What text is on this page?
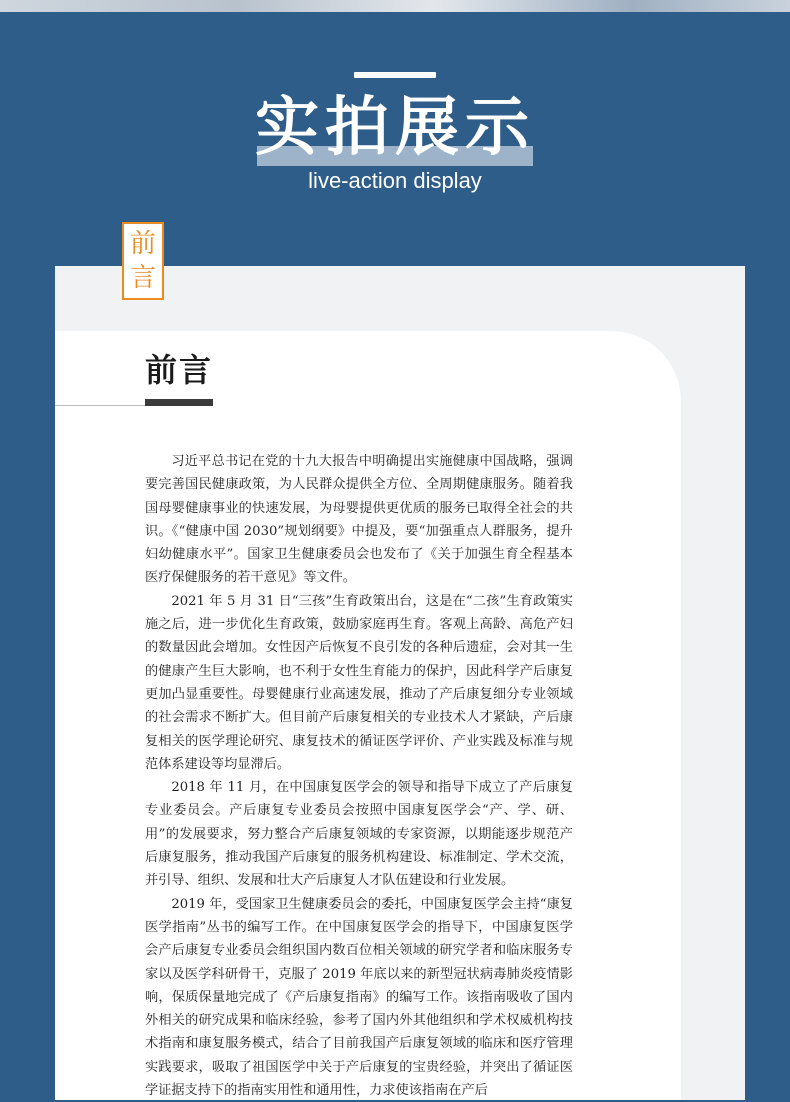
实拍展示
live-action display
前
言
前言

习近平总书记在党的十九大报告中明确提出实施健康中国战略，强调要完善国民健康政策，为人民群众提供全方位、全周期健康服务。随着我国母婴健康事业的快速发展，为母婴提供更优质的服务已取得全社会的共识。《“健康中国 2030”规划纲要》中提及，要“加强重点人群服务，提升妇幼健康水平”。国家卫生健康委员会也发布了《关于加强生育全程基本医疗保健服务的若干意见》等文件。

2021 年 5 月 31 日“三孩”生育政策出台，这是在“二孩”生育政策实施之后，进一步优化生育政策，鼓励家庭再生育。客观上高龄、高危产妇的数量因此会增加。女性因产后恢复不良引发的各种后遗症，会对其一生的健康产生巨大影响，也不利于女性生育能力的保护，因此科学产后康复更加凸显重要性。母婴健康行业高速发展，推动了产后康复细分专业领域的社会需求不断扩大。但目前产后康复相关的专业技术人才紧缺，产后康复相关的医学理论研究、康复技术的循证医学评价、产业实践及标准与规范体系建设等均显滞后。

2018 年 11 月，在中国康复医学会的领导和指导下成立了产后康复专业委员会。产后康复专业委员会按照中国康复医学会“产、学、研、用”的发展要求，努力整合产后康复领域的专家资源，以期能逐步规范产后康复服务，推动我国产后康复的服务机构建设、标准制定、学术交流，并引导、组织、发展和壮大产后康复人才队伍建设和行业发展。

2019 年，受国家卫生健康委员会的委托，中国康复医学会主持“康复医学指南”丛书的编写工作。在中国康复医学会的指导下，中国康复医学会产后康复专业委员会组织国内数百位相关领域的研究学者和临床服务专家以及医学科研骨干，克服了 2019 年底以来的新型冠状病毒肺炎疫情影响，保质保量地完成了《产后康复指南》的编写工作。该指南吸收了国内外相关的研究成果和临床经验，参考了国内外其他组织和学术权威机构技术指南和康复服务模式，结合了目前我国产后康复领域的临床和医疗管理实践要求，吸取了祖国医学中关于产后康复的宝贵经验，并突出了循证医学证据支持下的指南实用性和通用性，力求使该指南在产后
